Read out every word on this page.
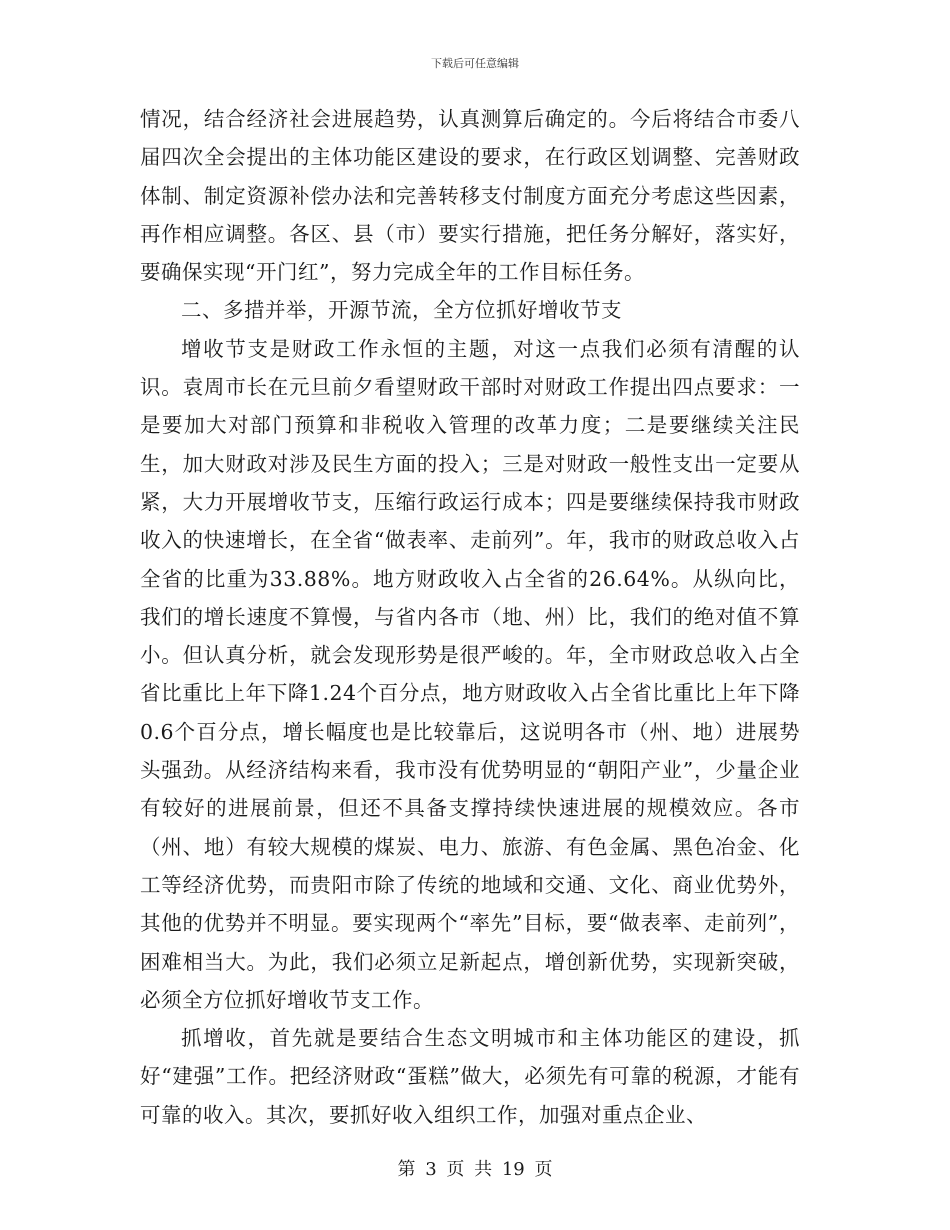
下载后可任意编辑

情况，结合经济社会进展趋势，认真测算后确定的。今后将结合市委八届四次全会提出的主体功能区建设的要求，在行政区划调整、完善财政体制、制定资源补偿办法和完善转移支付制度方面充分考虑这些因素，再作相应调整。各区、县（市）要实行措施，把任务分解好，落实好，要确保实现“开门红”，努力完成全年的工作目标任务。

二、多措并举，开源节流，全方位抓好增收节支

增收节支是财政工作永恒的主题，对这一点我们必须有清醒的认识。袁周市长在元旦前夕看望财政干部时对财政工作提出四点要求：一是要加大对部门预算和非税收入管理的改革力度；二是要继续关注民生，加大财政对涉及民生方面的投入；三是对财政一般性支出一定要从紧，大力开展增收节支，压缩行政运行成本；四是要继续保持我市财政收入的快速增长，在全省“做表率、走前列”。年，我市的财政总收入占全省的比重为33.88%。地方财政收入占全省的26.64%。从纵向比，我们的增长速度不算慢，与省内各市（地、州）比，我们的绝对值不算小。但认真分析，就会发现形势是很严峻的。年，全市财政总收入占全省比重比上年下降1.24个百分点，地方财政收入占全省比重比上年下降0.6个百分点，增长幅度也是比较靠后，这说明各市（州、地）进展势头强劲。从经济结构来看，我市没有优势明显的“朝阳产业”，少量企业有较好的进展前景，但还不具备支撑持续快速进展的规模效应。各市（州、地）有较大规模的煤炭、电力、旅游、有色金属、黑色冶金、化工等经济优势，而贵阳市除了传统的地域和交通、文化、商业优势外，其他的优势并不明显。要实现两个“率先”目标，要“做表率、走前列”，困难相当大。为此，我们必须立足新起点，增创新优势，实现新突破，必须全方位抓好增收节支工作。

抓增收，首先就是要结合生态文明城市和主体功能区的建设，抓好“建强”工作。把经济财政“蛋糕”做大，必须先有可靠的税源，才能有可靠的收入。其次，要抓好收入组织工作，加强对重点企业、

第 3 页 共 19 页
